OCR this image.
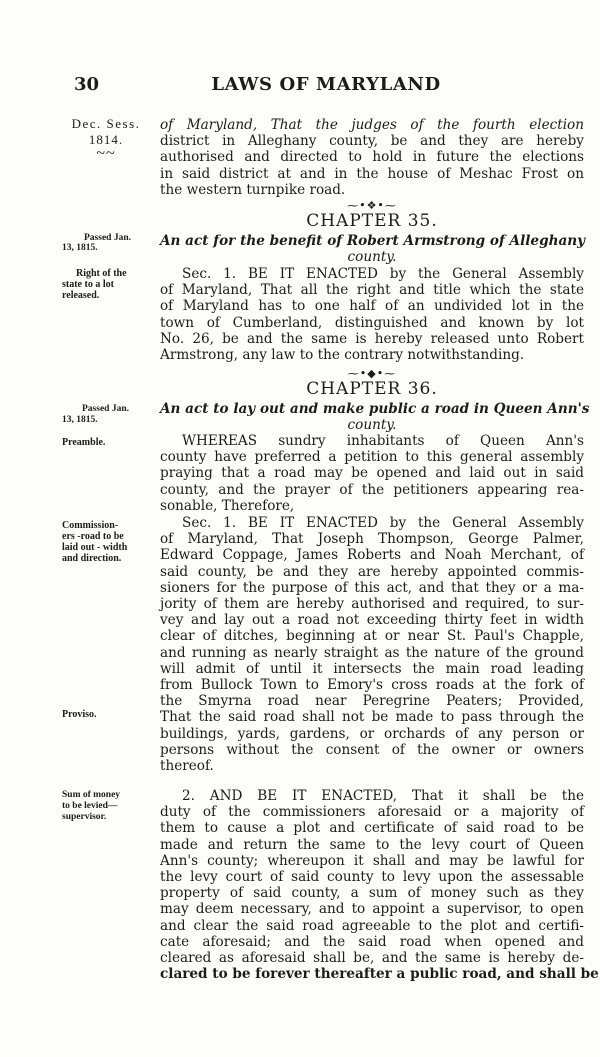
30	LAWS OF MARYLAND
Dec. Sess.
1814.
~~
of Maryland, That the judges of the fourth election
district in Alleghany county, be and they are hereby
authorised and directed to hold in future the elections
in said district at and in the house of Meshac Frost on
the western turnpike road.
⁓•❖•⁓
CHAPTER 35.
Passed Jan.
13, 1815.	An act for the benefit of Robert Armstrong of Alleghany
county.
Right of the
state to a lot
released.
Sec. 1. BE IT ENACTED by the General Assembly
of Maryland, That all the right and title which the state
of Maryland has to one half of an undivided lot in the
town of Cumberland, distinguished and known by lot
No. 26, be and the same is hereby released unto Robert
Armstrong, any law to the contrary notwithstanding.
⁓•◆•⁓
CHAPTER 36.
Passed Jan.
13, 1815.
An act to lay out and make public a road in Queen Ann's
county.
Preamble.	WHEREAS sundry inhabitants of Queen Ann's
county have preferred a petition to this general assembly
praying that a road may be opened and laid out in said
county, and the prayer of the petitioners appearing rea-
sonable, Therefore,
Commission-
ers -road to be
laid out - width
and direction.
Sec. 1. BE IT ENACTED by the General Assembly
of Maryland, That Joseph Thompson, George Palmer,
Edward Coppage, James Roberts and Noah Merchant, of
said county, be and they are hereby appointed commis-
sioners for the purpose of this act, and that they or a ma-
jority of them are hereby authorised and required, to sur-
vey and lay out a road not exceeding thirty feet in width
clear of ditches, beginning at or near St. Paul's Chapple,
and running as nearly straight as the nature of the ground
will admit of until it intersects the main road leading
from Bullock Town to Emory's cross roads at the fork of
the Smyrna road near Peregrine Peaters; Provided,
That the said road shall not be made to pass through the
buildings, yards, gardens, or orchards of any person or
persons without the consent of the owner or owners
thereof.
Proviso.
Sum of money
to be levied—
supervisor.
2. AND BE IT ENACTED, That it shall be the
duty of the commissioners aforesaid or a majority of
them to cause a plot and certificate of said road to be
made and return the same to the levy court of Queen
Ann's county; whereupon it shall and may be lawful for
the levy court of said county to levy upon the assessable
property of said county, a sum of money such as they
may deem necessary, and to appoint a supervisor, to open
and clear the said road agreeable to the plot and certifi-
cate aforesaid; and the said road when opened and
cleared as aforesaid shall be, and the same is hereby de-
clared to be forever thereafter a public road, and shall be
